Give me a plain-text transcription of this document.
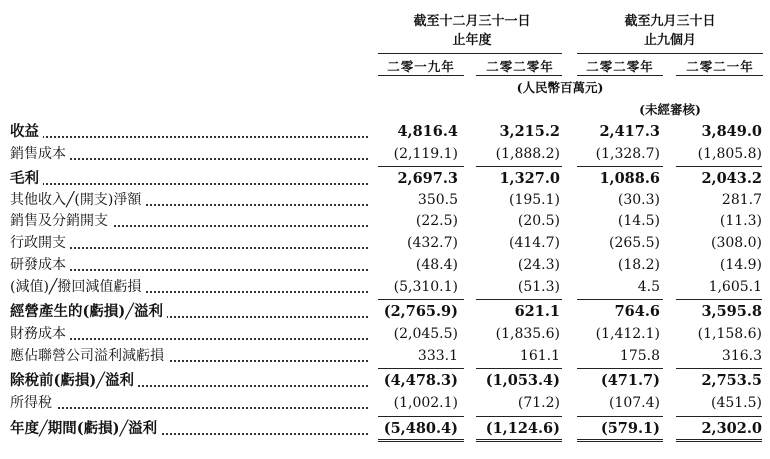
截至十二月三十一日
止年度
截至九月三十日
止九個月
二零一九年	二零二零年	二零二零年	二零二一年
(人民幣百萬元)
(未經審核)
收益	4,816.4	3,215.2	2,417.3	3,849.0
銷售成本	(2,119.1)	(1,888.2)	(1,328.7)	(1,805.8)
毛利	2,697.3	1,327.0	1,088.6	2,043.2
其他收入╱(開支)淨額	350.5	(195.1)	(30.3)	281.7
銷售及分銷開支	(22.5)	(20.5)	(14.5)	(11.3)
行政開支	(432.7)	(414.7)	(265.5)	(308.0)
研發成本	(48.4)	(24.3)	(18.2)	(14.9)
(減值)╱撥回減值虧損	(5,310.1)	(51.3)	4.5	1,605.1
經營產生的(虧損)╱溢利	(2,765.9)	621.1	764.6	3,595.8
財務成本	(2,045.5)	(1,835.6)	(1,412.1)	(1,158.6)
應佔聯營公司溢利減虧損	333.1	161.1	175.8	316.3
除稅前(虧損)╱溢利	(4,478.3)	(1,053.4)	(471.7)	2,753.5
所得稅	(1,002.1)	(71.2)	(107.4)	(451.5)
年度╱期間(虧損)╱溢利	(5,480.4)	(1,124.6)	(579.1)	2,302.0
